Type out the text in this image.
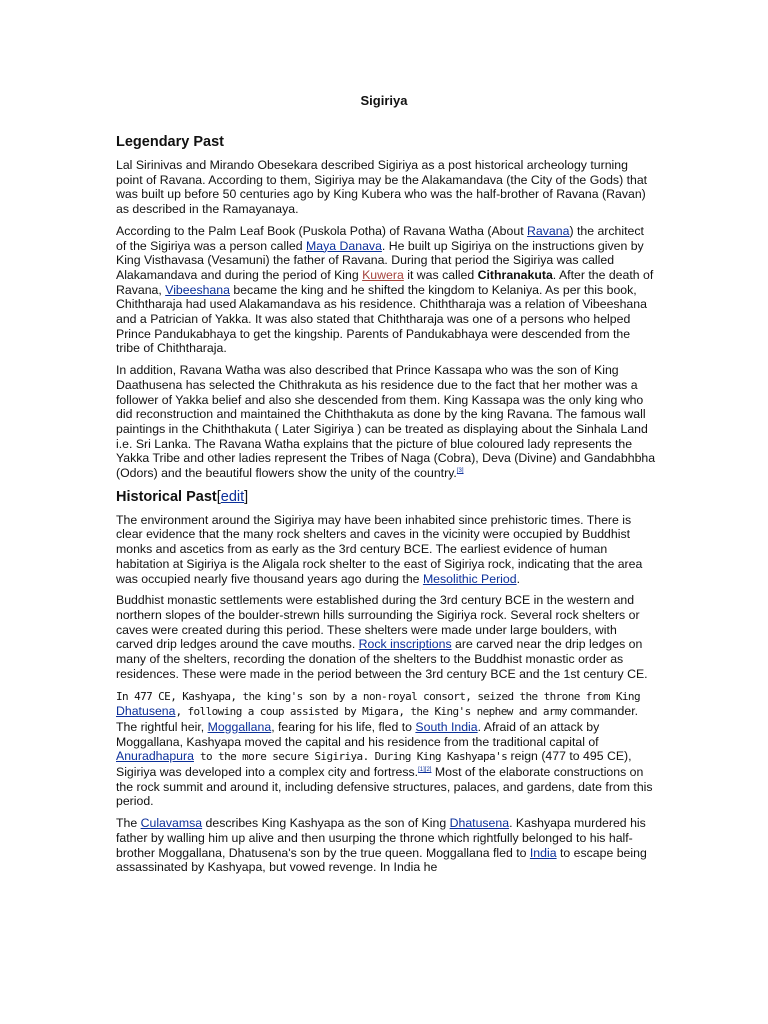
Sigiriya
Legendary Past

Lal Sirinivas and Mirando Obesekara described Sigiriya as a post historical archeology turning point of Ravana. According to them, Sigiriya may be the Alakamandava (the City of the Gods) that was built up before 50 centuries ago by King Kubera who was the half-brother of Ravana (Ravan) as described in the Ramayanaya.

According to the Palm Leaf Book (Puskola Potha) of Ravana Watha (About Ravana) the architect of the Sigiriya was a person called Maya Danava. He built up Sigiriya on the instructions given by King Visthavasa (Vesamuni) the father of Ravana. During that period the Sigiriya was called Alakamandava and during the period of King Kuwera it was called Cithranakuta. After the death of Ravana, Vibeeshana became the king and he shifted the kingdom to Kelaniya. As per this book, Chiththaraja had used Alakamandava as his residence. Chiththaraja was a relation of Vibeeshana and a Patrician of Yakka. It was also stated that Chiththaraja was one of a persons who helped Prince Pandukabhaya to get the kingship. Parents of Pandukabhaya were descended from the tribe of Chiththaraja.

In addition, Ravana Watha was also described that Prince Kassapa who was the son of King Daathusena has selected the Chithrakuta as his residence due to the fact that her mother was a follower of Yakka belief and also she descended from them. King Kassapa was the only king who did reconstruction and maintained the Chiththakuta as done by the king Ravana. The famous wall paintings in the Chiththakuta ( Later Sigiriya ) can be treated as displaying about the Sinhala Land i.e. Sri Lanka. The Ravana Watha explains that the picture of blue coloured lady represents the Yakka Tribe and other ladies represent the Tribes of Naga (Cobra), Deva (Divine) and Gandabhbha (Odors) and the beautiful flowers show the unity of the country.[3]

Historical Past[edit]

The environment around the Sigiriya may have been inhabited since prehistoric times. There is clear evidence that the many rock shelters and caves in the vicinity were occupied by Buddhist monks and ascetics from as early as the 3rd century BCE. The earliest evidence of human habitation at Sigiriya is the Aligala rock shelter to the east of Sigiriya rock, indicating that the area was occupied nearly five thousand years ago during the Mesolithic Period.

Buddhist monastic settlements were established during the 3rd century BCE in the western and northern slopes of the boulder-strewn hills surrounding the Sigiriya rock. Several rock shelters or caves were created during this period. These shelters were made under large boulders, with carved drip ledges around the cave mouths. Rock inscriptions are carved near the drip ledges on many of the shelters, recording the donation of the shelters to the Buddhist monastic order as residences. These were made in the period between the 3rd century BCE and the 1st century CE.

In 477 CE, Kashyapa, the king's son by a non-royal consort, seized the throne from King Dhatusena, following a coup assisted by Migara, the King's nephew and army commander. The rightful heir, Moggallana, fearing for his life, fled to South India. Afraid of an attack by Moggallana, Kashyapa moved the capital and his residence from the traditional capital of Anuradhapura to the more secure Sigiriya. During King Kashyapa's reign (477 to 495 CE), Sigiriya was developed into a complex city and fortress.[1][2] Most of the elaborate constructions on the rock summit and around it, including defensive structures, palaces, and gardens, date from this period.

The Culavamsa describes King Kashyapa as the son of King Dhatusena. Kashyapa murdered his father by walling him up alive and then usurping the throne which rightfully belonged to his half-brother Moggallana, Dhatusena's son by the true queen. Moggallana fled to India to escape being assassinated by Kashyapa, but vowed revenge. In India he
